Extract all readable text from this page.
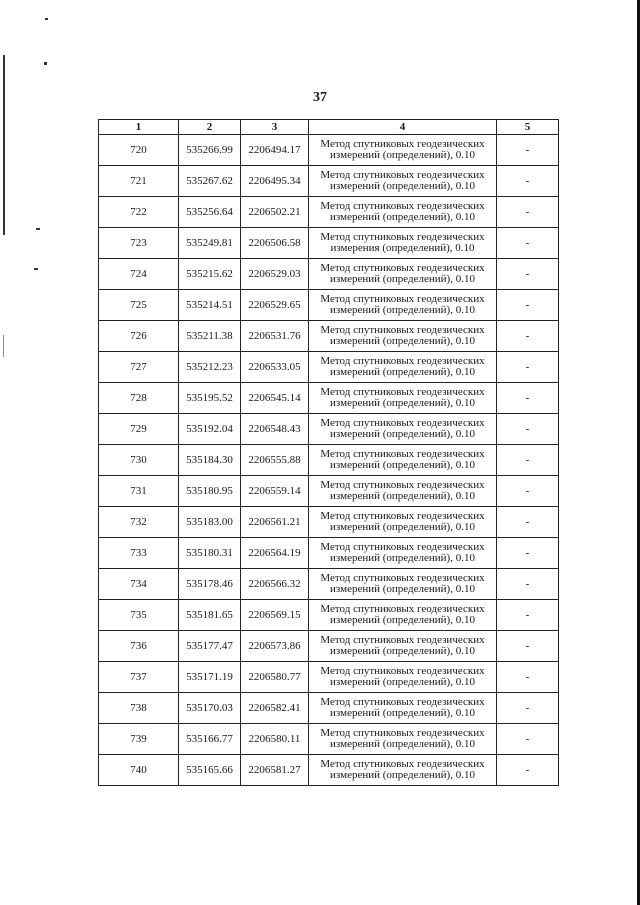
37
1	2	3	4	5
720	535266.99	2206494.17	Метод спутниковых геодезических
измерений (определений), 0.10	-
721	535267.62	2206495.34	Метод спутниковых геодезических
измерений (определений), 0.10	-
722	535256.64	2206502.21	Метод спутниковых геодезических
измерений (определений), 0.10	-
723	535249.81	2206506.58	Метод спутниковых геодезических
измерения (определений), 0.10	-
724	535215.62	2206529.03	Метод спутниковых геодезических
измерений (определений), 0.10	-
725	535214.51	2206529.65	Метод спутниковых геодезических
измерений (определений), 0.10	-
726	535211.38	2206531.76	Метод спутниковых геодезических
измерений (определений), 0.10	-
727	535212.23	2206533.05	Метод спутниковых геодезических
измерений (определений), 0.10	-
728	535195.52	2206545.14	Метод спутниковых геодезических
измерений (определений), 0.10	-
729	535192.04	2206548.43	Метод спутниковых геодезических
измерений (определений), 0.10	-
730	535184.30	2206555.88	Метод спутниковых геодезических
измерений (определений), 0.10	-
731	535180.95	2206559.14	Метод спутниковых геодезических
измерений (определений), 0.10	-
732	535183.00	2206561.21	Метод спутниковых геодезических
измерений (определений), 0.10	-
733	535180.31	2206564.19	Метод спутниковых геодезических
измерений (определений), 0.10	-
734	535178.46	2206566.32	Метод спутниковых геодезических
измерений (определений), 0.10	-
735	535181.65	2206569.15	Метод спутниковых геодезических
измерений (определений), 0.10	-
736	535177.47	2206573.86	Метод спутниковых геодезических
измерений (определений), 0.10	-
737	535171.19	2206580.77	Метод спутниковых геодезических
измерений (определений), 0.10	-
738	535170.03	2206582.41	Метод спутниковых геодезических
измерений (определений), 0.10	-
739	535166.77	2206580.11	Метод спутниковых геодезических
измерений (определений), 0.10	-
740	535165.66	2206581.27	Метод спутниковых геодезических
измерений (определений), 0.10	-
